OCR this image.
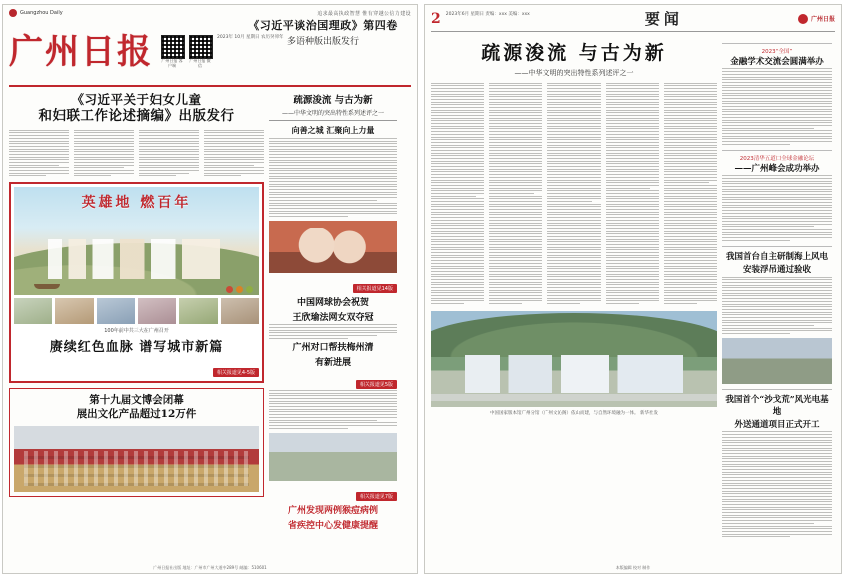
Guangzhou Daily	追求最高执政智慧 惟有穿越公信力建设
《习近平谈治国理政》第四卷
多语种版出版发行
广州日报 广州日报 客户端
广州日报 微信
2023年 10月 星期日 农历癸卯年
《习近平关于妇女儿童
和妇联工作论述摘编》出版发行
英雄地 燃百年
100年前中共三大在广州召开
赓续红色血脉 谱写城市新篇
相关报道见4-5版
第十九届文博会闭幕
展出文化产品超过12万件
疏源浚流 与古为新
——中华文明的突出特性系列述评之一
向善之城 汇聚向上力量
相关报道见14版
中国网球协会祝贺
王欣瑜法网女双夺冠
广州对口帮扶梅州清
有新进展
相关报道见5版
相关报道见7版
广州发现两例猴痘病例
省疾控中心发健康提醒
广州日报社出版 地址：广州市广州大道中289号 邮编：510601
2 2023年6月 星期日 责编：xxx 美编：xxx	要闻	广州日报
疏源浚流 与古为新
——中华文明的突出特性系列述评之一
中国国家版本馆广州分馆（广州文沁阁）依山而建，与自然环境融为一体。 新华社发
2023“全国”
金融学术交流会圆满举办
2023清华五道口全球金融论坛
——广州峰会成功举办
我国首台自主研制海上风电
安装浮吊通过验收
我国首个“沙戈荒”风光电基地
外送通道项目正式开工
本版编辑 校对 制作
